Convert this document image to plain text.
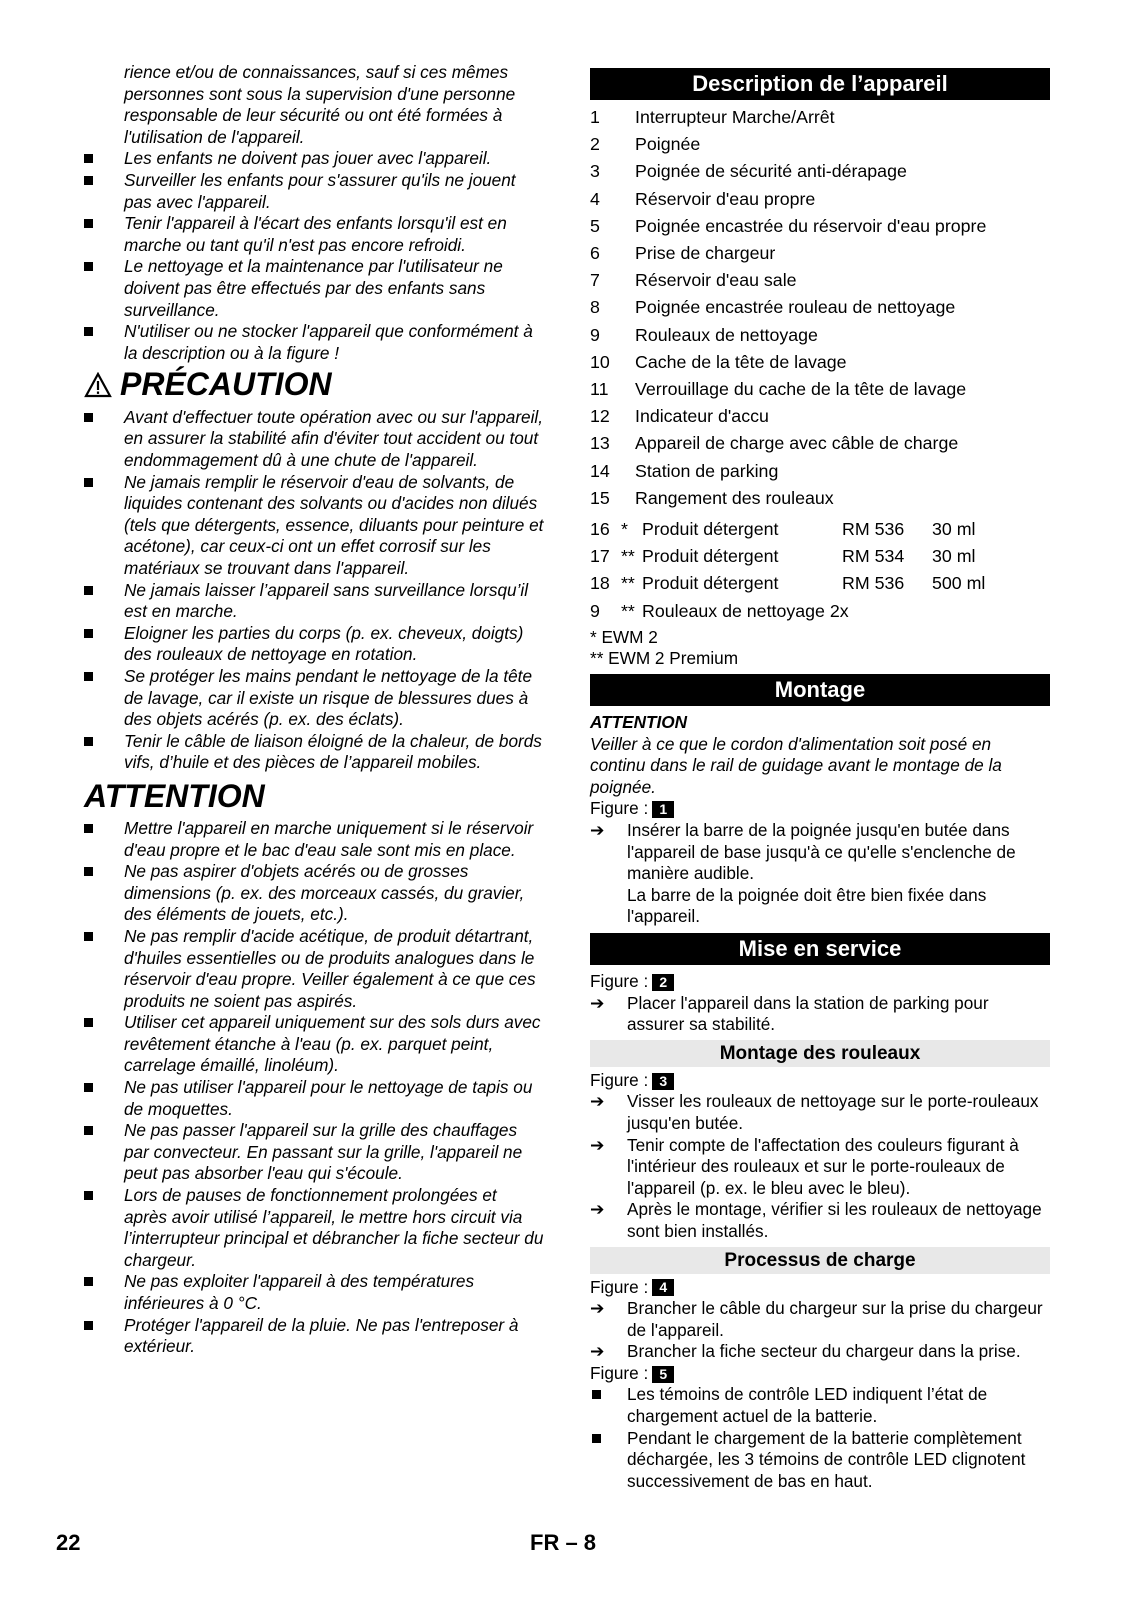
rience et/ou de connaissances, sauf si ces mêmes personnes sont sous la supervision d'une personne responsable de leur sécurité ou ont été formées à l'utilisation de l'appareil.

Les enfants ne doivent pas jouer avec l'appareil.
Surveiller les enfants pour s'assurer qu'ils ne jouent pas avec l'appareil.
Tenir l'appareil à l'écart des enfants lorsqu'il est en marche ou tant qu'il n'est pas encore refroidi.
Le nettoyage et la maintenance par l'utilisateur ne doivent pas être effectués par des enfants sans surveillance.
N'utiliser ou ne stocker l'appareil que conformément à la description ou à la figure !
PRÉCAUTION
Avant d'effectuer toute opération avec ou sur l'appareil, en assurer la stabilité afin d'éviter tout accident ou tout endommagement dû à une chute de l'appareil.
Ne jamais remplir le réservoir d'eau de solvants, de liquides contenant des solvants ou d'acides non dilués (tels que détergents, essence, diluants pour peinture et acétone), car ceux-ci ont un effet corrosif sur les matériaux se trouvant dans l'appareil.
Ne jamais laisser l’appareil sans surveillance lorsqu’il est en marche.
Eloigner les parties du corps (p. ex. cheveux, doigts) des rouleaux de nettoyage en rotation.
Se protéger les mains pendant le nettoyage de la tête de lavage, car il existe un risque de blessures dues à des objets acérés (p. ex. des éclats).
Tenir le câble de liaison éloigné de la chaleur, de bords vifs, d’huile et des pièces de l’appareil mobiles.
ATTENTION
Mettre l'appareil en marche uniquement si le réservoir d'eau propre et le bac d'eau sale sont mis en place.
Ne pas aspirer d'objets acérés ou de grosses dimensions (p. ex. des morceaux cassés, du gravier, des éléments de jouets, etc.).
Ne pas remplir d'acide acétique, de produit détartrant, d'huiles essentielles ou de produits analogues dans le réservoir d'eau propre. Veiller également à ce que ces produits ne soient pas aspirés.
Utiliser cet appareil uniquement sur des sols durs avec revêtement étanche à l'eau (p. ex. parquet peint, carrelage émaillé, linoléum).
Ne pas utiliser l'appareil pour le nettoyage de tapis ou de moquettes.
Ne pas passer l'appareil sur la grille des chauffages par convecteur. En passant sur la grille, l'appareil ne peut pas absorber l'eau qui s'écoule.
Lors de pauses de fonctionnement prolongées et après avoir utilisé l’appareil, le mettre hors circuit via l’interrupteur principal et débrancher la fiche secteur du chargeur.
Ne pas exploiter l'appareil à des températures inférieures à 0 °C.
Protéger l'appareil de la pluie. Ne pas l'entreposer à extérieur.
Description de l’appareil
1	Interrupteur Marche/Arrêt
2	Poignée
3	Poignée de sécurité anti-dérapage
4	Réservoir d'eau propre
5	Poignée encastrée du réservoir d'eau propre
6	Prise de chargeur
7	Réservoir d'eau sale
8	Poignée encastrée rouleau de nettoyage
9	Rouleaux de nettoyage
10	Cache de la tête de lavage
11	Verrouillage du cache de la tête de lavage
12	Indicateur d'accu
13	Appareil de charge avec câble de charge
14	Station de parking
15	Rangement des rouleaux
16 * Produit détergent	RM 536	30 ml
17 ** Produit détergent	RM 534	30 ml
18 ** Produit détergent	RM 536	500 ml
9	** Rouleaux de nettoyage 2x
* EWM 2
** EWM 2 Premium
Montage
ATTENTION
Veiller à ce que le cordon d'alimentation soit posé en continu dans le rail de guidage avant le montage de la poignée.
Figure : 1
➔ Insérer la barre de la poignée jusqu'en butée dans l'appareil de base jusqu'à ce qu'elle s'enclenche de manière audible.
La barre de la poignée doit être bien fixée dans l'appareil.
Mise en service
Figure : 2
➔ Placer l'appareil dans la station de parking pour assurer sa stabilité.
Montage des rouleaux
Figure : 3
➔ Visser les rouleaux de nettoyage sur le porte-rouleaux jusqu'en butée.
➔ Tenir compte de l'affectation des couleurs figurant à l'intérieur des rouleaux et sur le porte-rouleaux de l'appareil (p. ex. le bleu avec le bleu).
➔ Après le montage, vérifier si les rouleaux de nettoyage sont bien installés.
Processus de charge
Figure : 4
➔ Brancher le câble du chargeur sur la prise du chargeur de l'appareil.
➔ Brancher la fiche secteur du chargeur dans la prise.
Figure : 5
Les témoins de contrôle LED indiquent l’état de chargement actuel de la batterie.
Pendant le chargement de la batterie complètement déchargée, les 3 témoins de contrôle LED clignotent successivement de bas en haut.
22	FR – 8
